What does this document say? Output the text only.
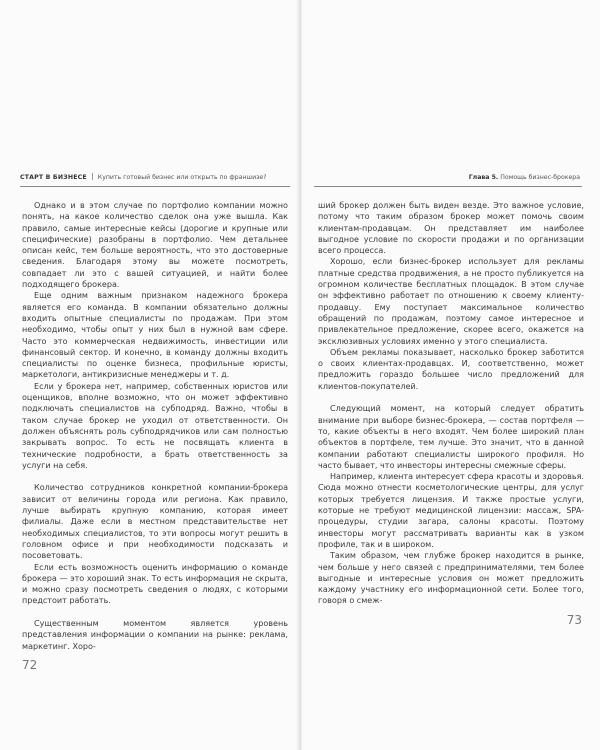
СТАРТ В БИЗНЕСЕ Купить готовый бизнес или открыть по франшизе?

Однако и в этом случае по портфолио компании можно понять, на какое количество сделок она уже вышла. Как правило, самые интересные кейсы (дорогие и крупные или специфические) разобраны в портфолио. Чем детальнее описан кейс, тем больше вероятность, что это достоверные сведения. Благодаря этому вы можете посмотреть, совпадает ли это с вашей ситуацией, и найти более подходящего брокера.

Еще одним важным признаком надежного брокера является его команда. В компании обязательно должны входить опытные специалисты по продажам. При этом необходимо, чтобы опыт у них был в нужной вам сфере. Часто это коммерческая недвижимость, инвестиции или финансовый сектор. И конечно, в команду должны входить специалисты по оценке бизнеса, профильные юристы, маркетологи, антикризисные менеджеры и т. д.

Если у брокера нет, например, собственных юристов или оценщиков, вполне возможно, что он может эффективно подключать специалистов на субподряд. Важно, чтобы в таком случае брокер не уходил от ответственности. Он должен объяснять роль субподрядчиков или сам полностью закрывать вопрос. То есть не посвящать клиента в технические подробности, а брать ответственность за услуги на себя.

Количество сотрудников конкретной компании-брокера зависит от величины города или региона. Как правило, лучше выбирать крупную компанию, которая имеет филиалы. Даже если в местном представительстве нет необходимых специалистов, то эти вопросы могут решить в головном офисе и при необходимости подсказать и посоветовать.

Если есть возможность оценить информацию о команде брокера — это хороший знак. То есть информация не скрыта, и можно сразу посмотреть сведения о людях, с которыми предстоит работать.

Существенным моментом является уровень представления информации о компании на рынке: реклама, маркетинг. Хоро-

72
Глава 5. Помощь бизнес-брокера

ший брокер должен быть виден везде. Это важное условие, потому что таким образом брокер может помочь своим клиентам-продавцам. Он представляет им наиболее выгодное условие по скорости продажи и по организации всего процесса.

Хорошо, если бизнес-брокер использует для рекламы платные средства продвижения, а не просто публикуется на огромном количестве бесплатных площадок. В этом случае он эффективно работает по отношению к своему клиенту-продавцу. Ему поступает максимальное количество обращений по продажам, поэтому самое интересное и привлекательное предложение, скорее всего, окажется на эксклюзивных условиях именно у этого специалиста.

Объем рекламы показывает, насколько брокер заботится о своих клиентах-продавцах. И, соответственно, может предложить гораздо большее число предложений для клиентов-покупателей.

Следующий момент, на который следует обратить внимание при выборе бизнес-брокера, — состав портфеля — то, какие объекты в него входят. Чем более широкий план объектов в портфеле, тем лучше. Это значит, что в данной компании работают специалисты широкого профиля. Но часто бывает, что инвесторы интересны смежные сферы.

Например, клиента интересует сфера красоты и здоровья. Сюда можно отнести косметологические центры, для услуг которых требуется лицензия. И также простые услуги, которые не требуют медицинской лицензии: массаж, SPA-процедуры, студии загара, салоны красоты. Поэтому инвесторы могут рассматривать варианты как в узком профиле, так и в широком.

Таким образом, чем глубже брокер находится в рынке, чем больше у него связей с предпринимателями, тем более выгодные и интересные условия он может предложить каждому участнику его информационной сети. Более того, говоря о смеж-

73
